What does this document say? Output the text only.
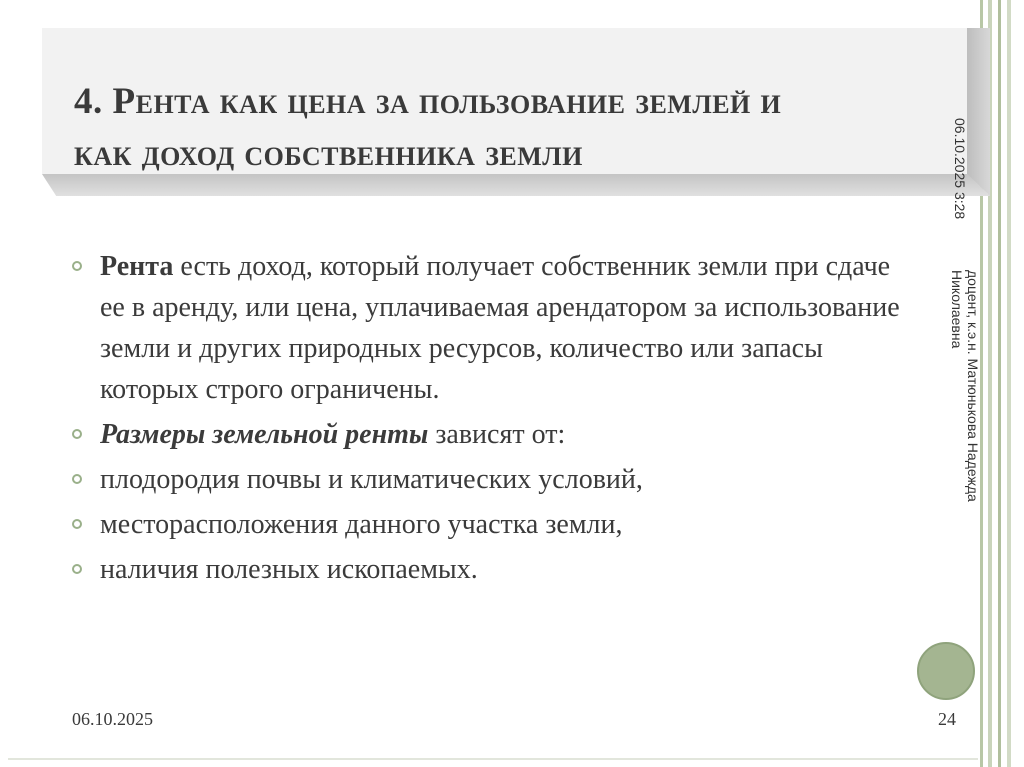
4. Рента как цена за пользование землей и
как доход собственника земли	06.10.2025 3:28
доцент, к.э.н. Матюнькова Надежда Николаевна

Рента есть доход, который получает собственник земли при сдаче ее в аренду, или цена, уплачиваемая арендатором за использование земли и других природных ресурсов, количество или запасы которых строго ограничены.

Размеры земельной ренты зависят от:

плодородия почвы и климатических условий,

месторасположения данного участка земли,

наличия полезных ископаемых.

06.10.2025	24
